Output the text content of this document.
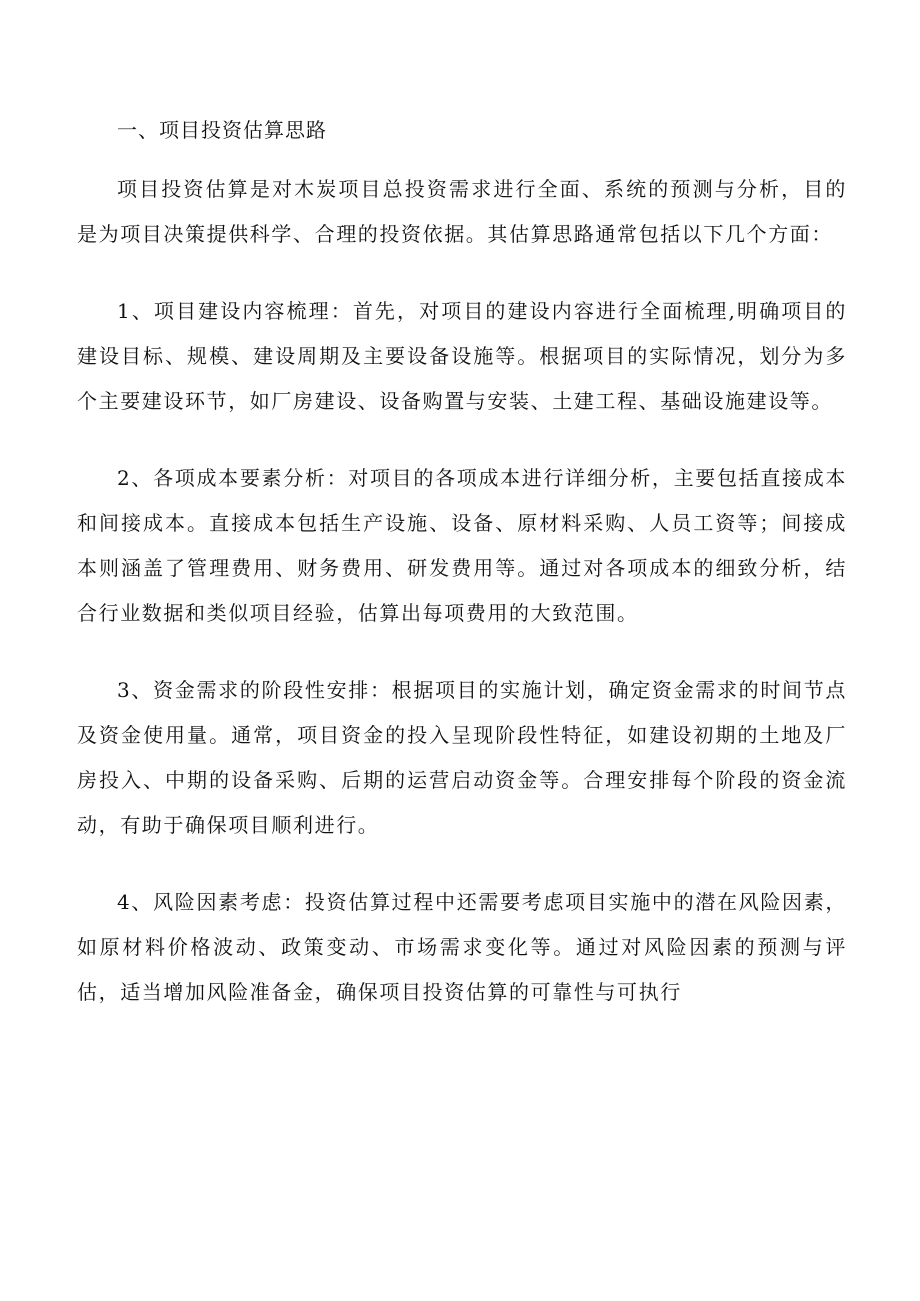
一、项目投资估算思路

项目投资估算是对木炭项目总投资需求进行全面、系统的预测与分析，目的是为项目决策提供科学、合理的投资依据。其估算思路通常包括以下几个方面：

1、项目建设内容梳理：首先，对项目的建设内容进行全面梳理,明确项目的建设目标、规模、建设周期及主要设备设施等。根据项目的实际情况，划分为多个主要建设环节，如厂房建设、设备购置与安装、土建工程、基础设施建设等。

2、各项成本要素分析：对项目的各项成本进行详细分析，主要包括直接成本和间接成本。直接成本包括生产设施、设备、原材料采购、人员工资等；间接成本则涵盖了管理费用、财务费用、研发费用等。通过对各项成本的细致分析，结合行业数据和类似项目经验，估算出每项费用的大致范围。

3、资金需求的阶段性安排：根据项目的实施计划，确定资金需求的时间节点及资金使用量。通常，项目资金的投入呈现阶段性特征，如建设初期的土地及厂房投入、中期的设备采购、后期的运营启动资金等。合理安排每个阶段的资金流动，有助于确保项目顺利进行。

4、风险因素考虑：投资估算过程中还需要考虑项目实施中的潜在风险因素，如原材料价格波动、政策变动、市场需求变化等。通过对风险因素的预测与评估，适当增加风险准备金，确保项目投资估算的可靠性与可执行
